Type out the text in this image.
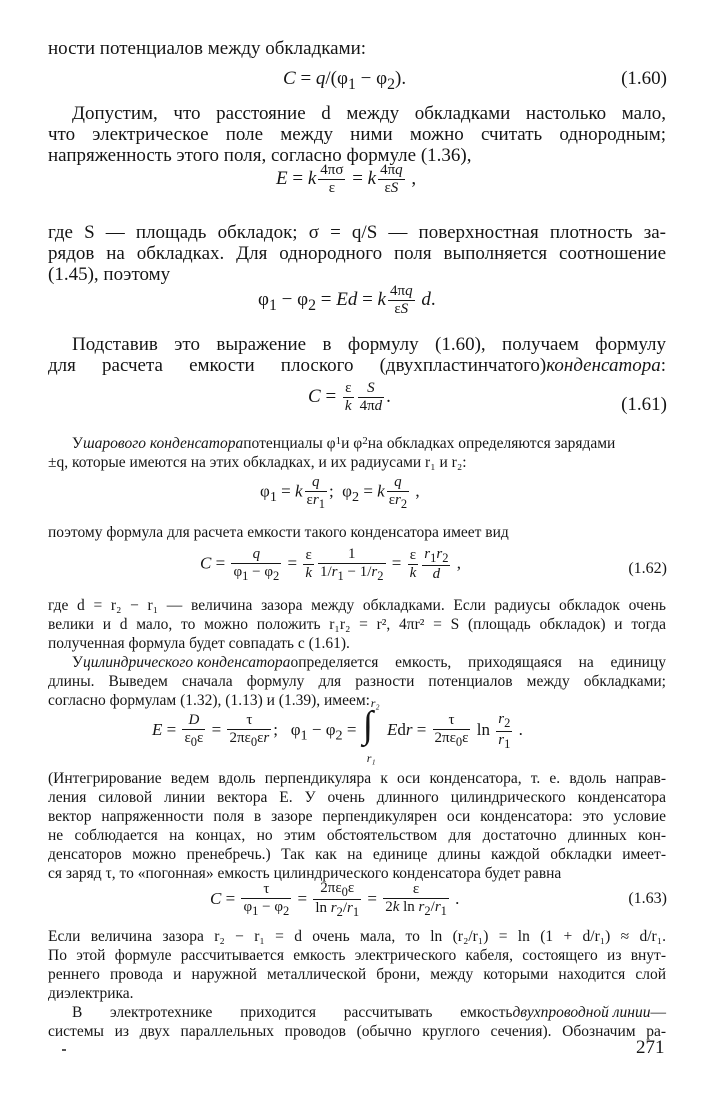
ности потенциалов между обкладками:
$C = q/(\varphi_1 - \varphi_2)$.	(1.60)
Допустим, что расстояние d между обкладками настолько мало,
что электрическое поле между ними можно считать однородным;
напряженность этого поля, согласно формуле (1.36),
E = k $\frac{4\pi\sigma}{\varepsilon} = k \frac{4\pi q}{\varepsilon S}$ ,
где S — площадь обкладок; σ = q/S — поверхностная плотность за-
рядов на обкладках. Для однородного поля выполняется соотношение
(1.45), поэтому
$\varphi_1 - \varphi_2 = Ed = k \frac{4\pi q}{\varepsilon S} d$.
Подставив это выражение в формулу (1.60), получаем формулу
для расчета емкости плоского (двухпластинчатого) конденсатора :
$C = \frac{\varepsilon}{k} \frac{S}{4\pi d}$ .	(1.61)
У шарового конденсатора потенциалы φ 1 и φ 2 на обкладках определяются зарядами
±q, которые имеются на этих обкладках, и их радиусами r₁ и r₂:
$\varphi_1 = k \frac{q}{\varepsilon r_1}$ ;  $\varphi_2 = k \frac{q}{\varepsilon r_2}$ ,
поэтому формула для расчета емкости такого конденсатора имеет вид
$C = \frac{q}{\varphi_1 - \varphi_2} = \frac{\varepsilon}{k} \frac{1}{1/r_1 - 1/r_2} = \frac{\varepsilon}{k} \frac{r_1r_2}{d}$ ,	(1.62)
где d = r₂ − r₁ — величина зазора между обкладками. Если радиусы обкладок очень
велики и d мало, то можно положить r₁r₂ = r², 4πr² = S (площадь обкладок) и тогда
полученная формула будет совпадать с (1.61).
У цилиндрического конденсатора определяется емкость, приходящаяся на единицу
длины. Выведем сначала формулу для разности потенциалов между обкладками;
согласно формулам (1.32), (1.13) и (1.39), имеем:
$E = \frac{D}{\varepsilon_0\varepsilon} = \frac{\tau}{2\pi\varepsilon_0\varepsilon r}$ ;   $\varphi_1 - \varphi_2$ = ∫
r₂
r₁
Edr = $\frac{\tau}{2\pi\varepsilon_0\varepsilon}$ $\ln \frac{r_2}{r_1}$ .
(Интегрирование ведем вдоль перпендикуляра к оси конденсатора, т. е. вдоль направ-
ления силовой линии вектора E. У очень длинного цилиндрического конденсатора
вектор напряженности поля в зазоре перпендикулярен оси конденсатора: это условие
не соблюдается на концах, но этим обстоятельством для достаточно длинных кон-
денсаторов можно пренебречь.) Так как на единице длины каждой обкладки имеет-
ся заряд τ, то «погонная» емкость цилиндрического конденсатора будет равна
$C = \frac{\tau}{\varphi_1 - \varphi_2} = \frac{2\pi\varepsilon_0\varepsilon}{\ln r_2/r_1} = \frac{\varepsilon}{2k \ln r_2/r_1}$ .	(1.63)
Если величина зазора r₂ − r₁ = d очень мала, то ln (r₂/r₁) = ln (1 + d/r₁) ≈ d/r₁.
По этой формуле рассчитывается емкость электрического кабеля, состоящего из внут-
реннего провода и наружной металлической брони, между которыми находится слой
диэлектрика.
В электротехнике приходится рассчитывать емкость двухпроводной линии —
системы из двух параллельных проводов (обычно круглого сечения). Обозначим ра-
271
